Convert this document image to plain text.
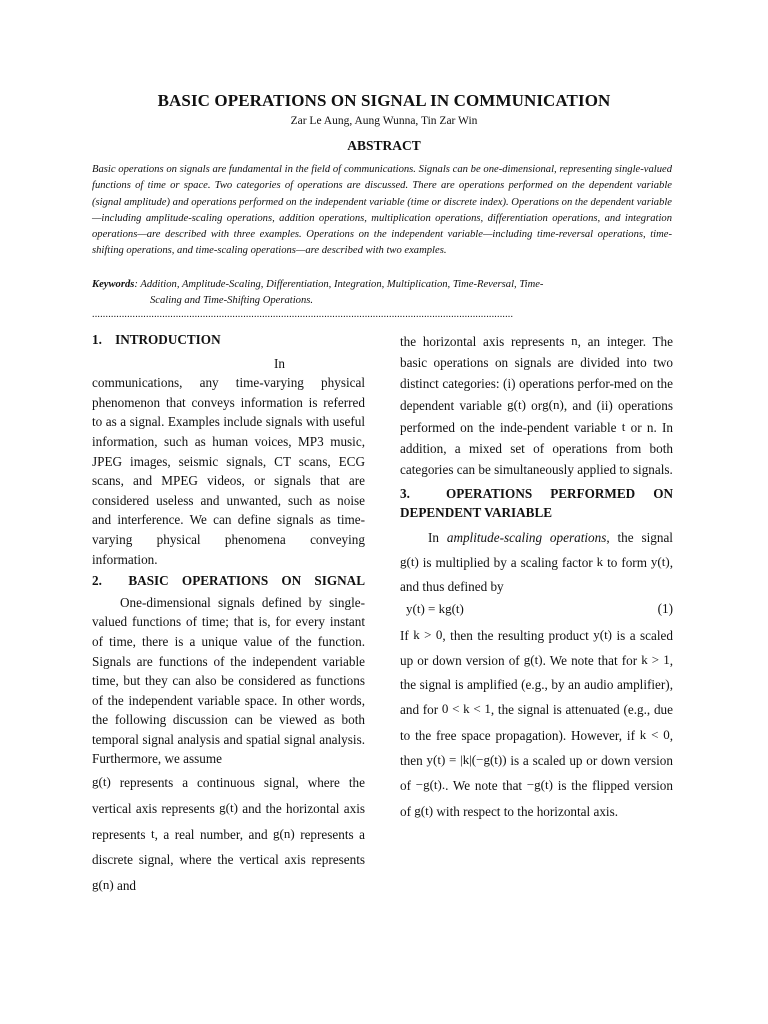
BASIC OPERATIONS ON SIGNAL IN COMMUNICATION
Zar Le Aung, Aung Wunna, Tin Zar Win
ABSTRACT
Basic operations on signals are fundamental in the field of communications. Signals can be one-dimensional, representing single-valued functions of time or space. Two categories of operations are discussed. There are operations performed on the dependent variable (signal amplitude) and operations performed on the independent variable (time or discrete index). Operations on the dependent variable—including amplitude-scaling operations, addition operations, multiplication operations, differentiation operations, and integration operations—are described with three examples. Operations on the independent variable—including time-reversal operations, time-shifting operations, and time-scaling operations—are described with two examples.
Keywords: Addition, Amplitude-Scaling, Differentiation, Integration, Multiplication, Time-Reversal, Time-
Scaling and Time-Shifting Operations.
............................................................................................................................................................

1.    INTRODUCTION

In communications, any time-varying physical phenomenon that conveys information is referred to as a signal. Examples include signals with useful information, such as human voices, MP3 music, JPEG images, seismic signals, CT scans, ECG scans, and MPEG videos, or signals that are considered useless and unwanted, such as noise and interference. We can define signals as time-varying physical phenomena conveying information.

2.  BASIC OPERATIONS ON SIGNAL

One-dimensional signals defined by single-valued functions of time; that is, for every instant of time, there is a unique value of the function. Signals are functions of the independent variable time, but they can also be considered as functions of the independent variable space. In other words, the following discussion can be viewed as both temporal signal analysis and spatial signal analysis. Furthermore, we assume

g(t) represents a continuous signal, where the vertical axis represents g(t) and the horizontal axis represents t, a real number, and g(n) represents a discrete signal, where the vertical axis represents g(n) and

the horizontal axis represents n, an integer. The basic operations on signals are divided into two distinct categories: (i) operations perfor-med on the dependent variable g(t) org(n), and (ii) operations performed on the inde-pendent variable t or n. In addition, a mixed set of operations from both categories can be simultaneously applied to signals.

3.  OPERATIONS PERFORMED ON DEPENDENT VARIABLE

In amplitude-scaling operations, the signal g(t) is multiplied by a scaling factor k to form y(t), and thus defined by

y(t) = kg(t)	(1)

If k > 0, then the resulting product y(t) is a scaled up or down version of g(t). We note that for k > 1, the signal is amplified (e.g., by an audio amplifier), and for 0 < k < 1, the signal is attenuated (e.g., due to the free space propagation). However, if k < 0, then y(t) = |k|(−g(t)) is a scaled up or down version of −g(t).. We note that −g(t) is the flipped version of g(t) with respect to the horizontal axis.
